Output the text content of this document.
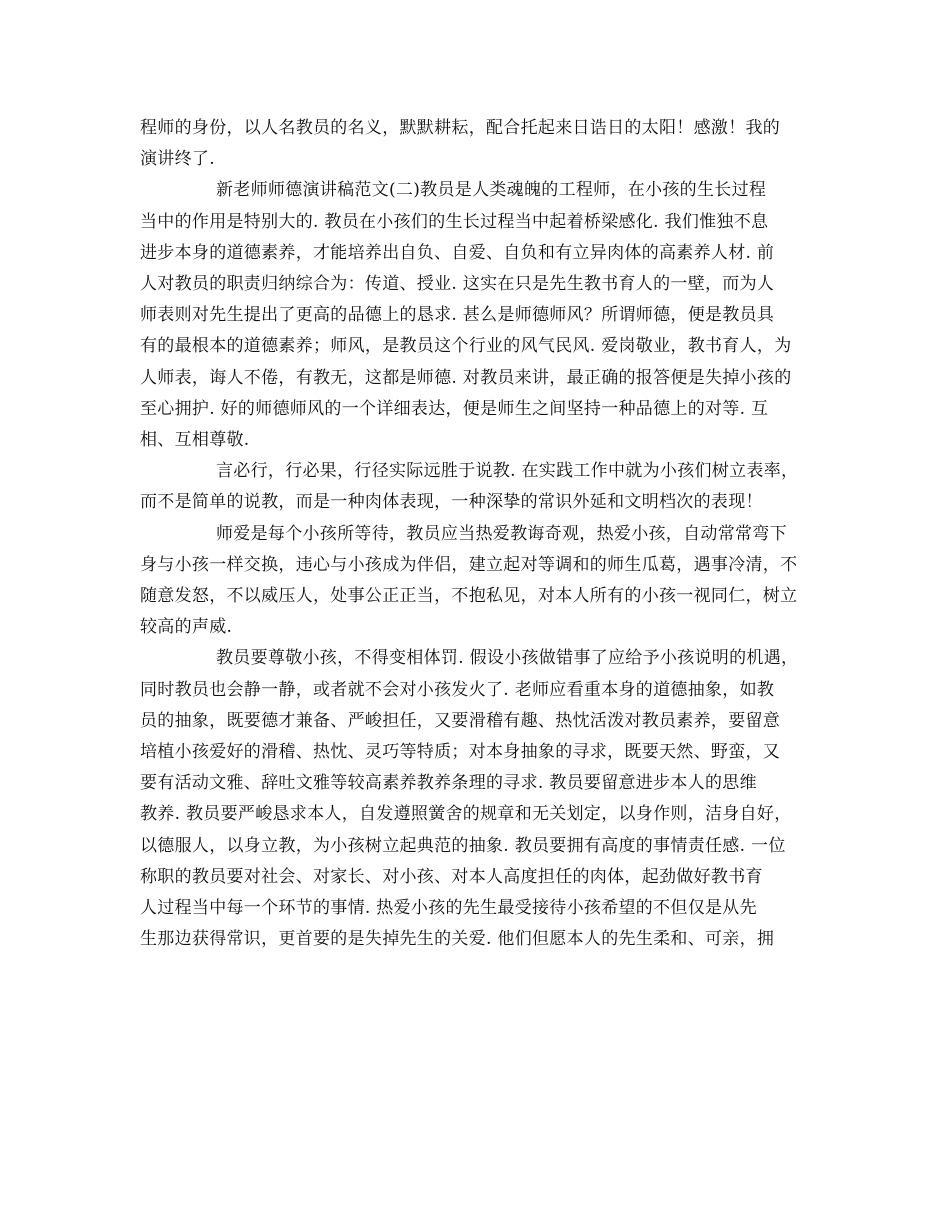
程师的身份，以人名教员的名义，默默耕耘，配合托起来日诰日的太阳！感激！我的
演讲终了.

新老师师德演讲稿范文(二)教员是人类魂魄的工程师，在小孩的生长过程
当中的作用是特别大的. 教员在小孩们的生长过程当中起着桥梁感化. 我们惟独不息
进步本身的道德素养，才能培养出自负、自爱、自负和有立异肉体的高素养人材. 前
人对教员的职责归纳综合为：传道、授业. 这实在只是先生教书育人的一壁，而为人
师表则对先生提出了更高的品德上的恳求. 甚么是师德师风？所谓师德，便是教员具
有的最根本的道德素养；师风，是教员这个行业的风气民风. 爱岗敬业，教书育人，为
人师表，诲人不倦，有教无，这都是师德. 对教员来讲，最正确的报答便是失掉小孩的
至心拥护. 好的师德师风的一个详细表达，便是师生之间坚持一种品德上的对等. 互
相、互相尊敬.

言必行，行必果，行径实际远胜于说教. 在实践工作中就为小孩们树立表率，
而不是简单的说教，而是一种肉体表现，一种深挚的常识外延和文明档次的表现！

师爱是每个小孩所等待，教员应当热爱教诲奇观，热爱小孩，自动常常弯下
身与小孩一样交换，违心与小孩成为伴侣，建立起对等调和的师生瓜葛，遇事冷清，不
随意发怒，不以威压人，处事公正正当，不抱私见，对本人所有的小孩一视同仁，树立
较高的声威.

教员要尊敬小孩，不得变相体罚. 假设小孩做错事了应给予小孩说明的机遇，
同时教员也会静一静，或者就不会对小孩发火了. 老师应看重本身的道德抽象，如教
员的抽象，既要德才兼备、严峻担任，又要滑稽有趣、热忱活泼对教员素养，要留意
培植小孩爱好的滑稽、热忱、灵巧等特质；对本身抽象的寻求，既要天然、野蛮，又
要有活动文雅、辞吐文雅等较高素养教养条理的寻求. 教员要留意进步本人的思维
教养. 教员要严峻恳求本人，自发遵照黉舍的规章和无关划定，以身作则，洁身自好，
以德服人，以身立教，为小孩树立起典范的抽象. 教员要拥有高度的事情责任感. 一位
称职的教员要对社会、对家长、对小孩、对本人高度担任的肉体，起劲做好教书育
人过程当中每一个环节的事情. 热爱小孩的先生最受接待小孩希望的不但仅是从先
生那边获得常识，更首要的是失掉先生的关爱. 他们但愿本人的先生柔和、可亲，拥
